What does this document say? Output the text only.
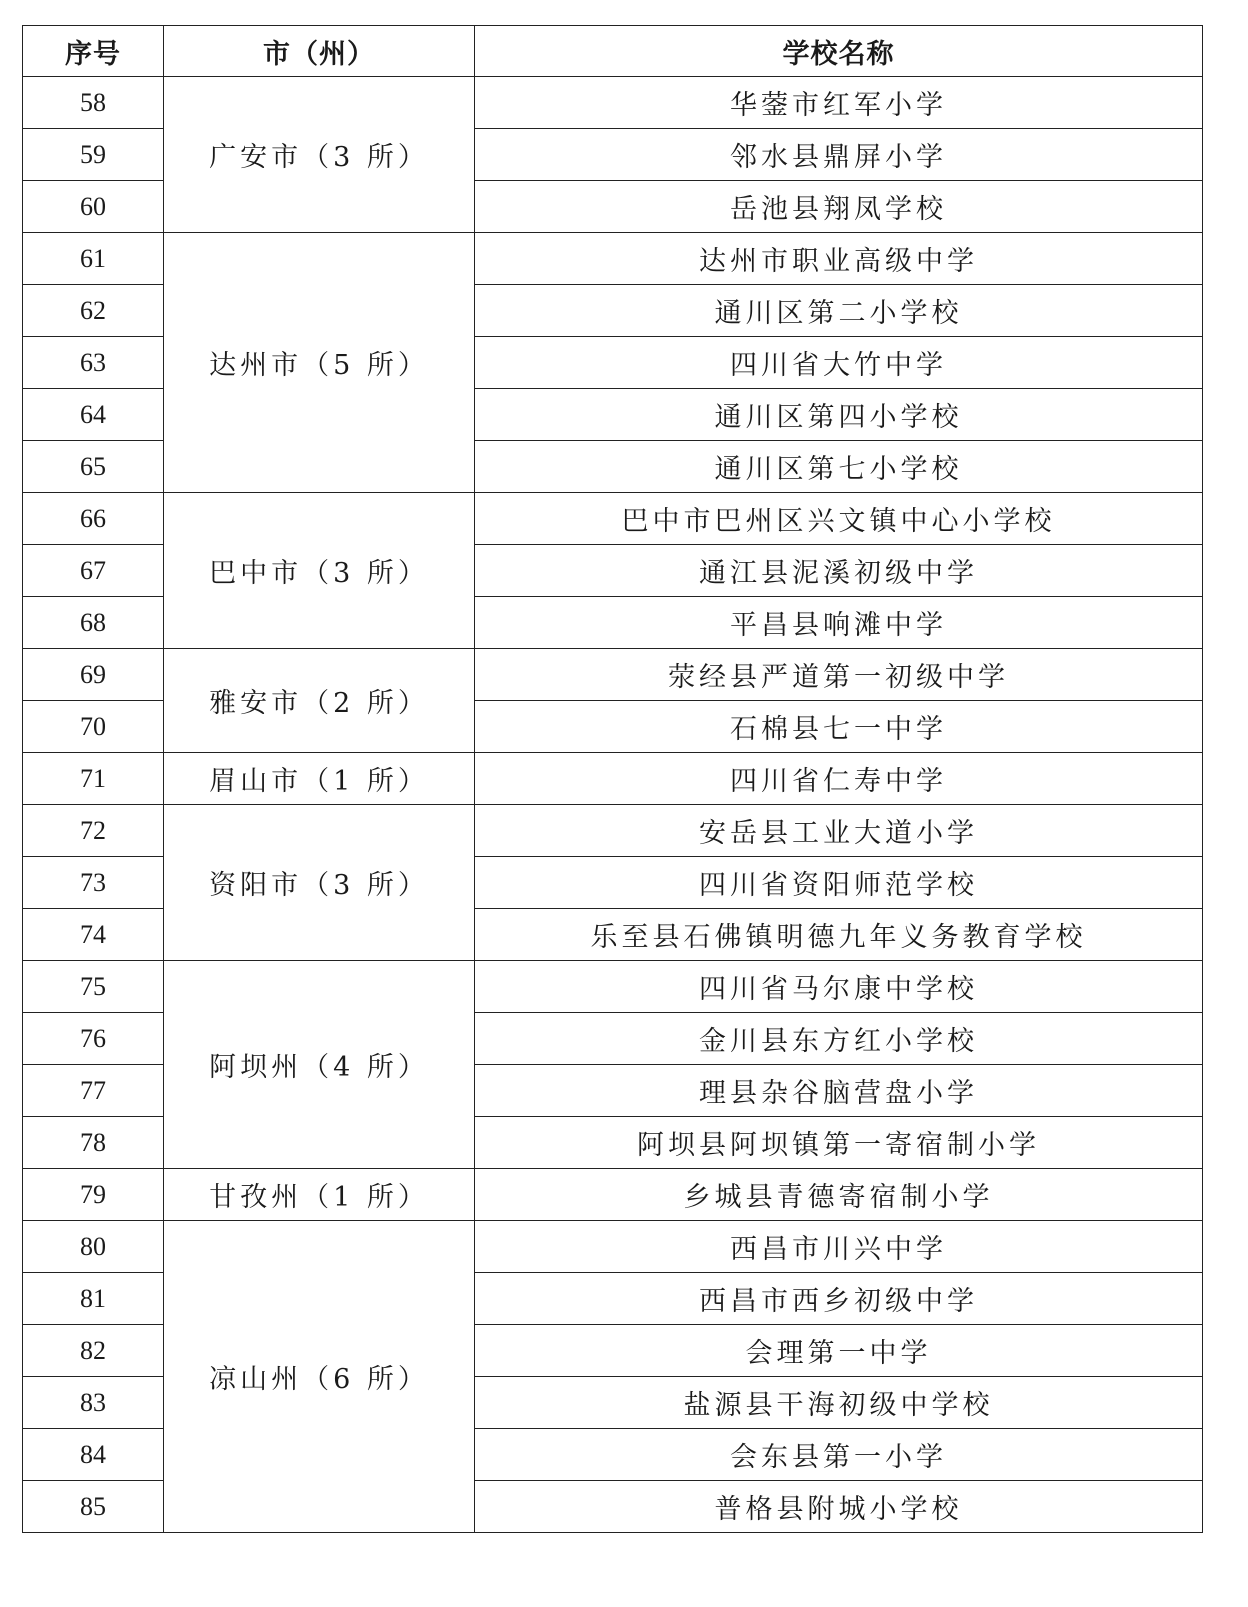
序号	市（州）	学校名称
58	广安市（3 所）	华蓥市红军小学
59		邻水县鼎屏小学
60		岳池县翔凤学校
61	达州市（5 所）	达州市职业高级中学
62		通川区第二小学校
63		四川省大竹中学
64		通川区第四小学校
65		通川区第七小学校
66	巴中市（3 所）	巴中市巴州区兴文镇中心小学校
67		通江县泥溪初级中学
68		平昌县响滩中学
69	雅安市（2 所）	荥经县严道第一初级中学
70		石棉县七一中学
71	眉山市（1 所）	四川省仁寿中学
72	资阳市（3 所）	安岳县工业大道小学
73		四川省资阳师范学校
74		乐至县石佛镇明德九年义务教育学校
75	阿坝州（4 所）	四川省马尔康中学校
76		金川县东方红小学校
77		理县杂谷脑营盘小学
78		阿坝县阿坝镇第一寄宿制小学
79	甘孜州（1 所）	乡城县青德寄宿制小学
80	凉山州（6 所）	西昌市川兴中学
81		西昌市西乡初级中学
82		会理第一中学
83		盐源县干海初级中学校
84		会东县第一小学
85		普格县附城小学校
